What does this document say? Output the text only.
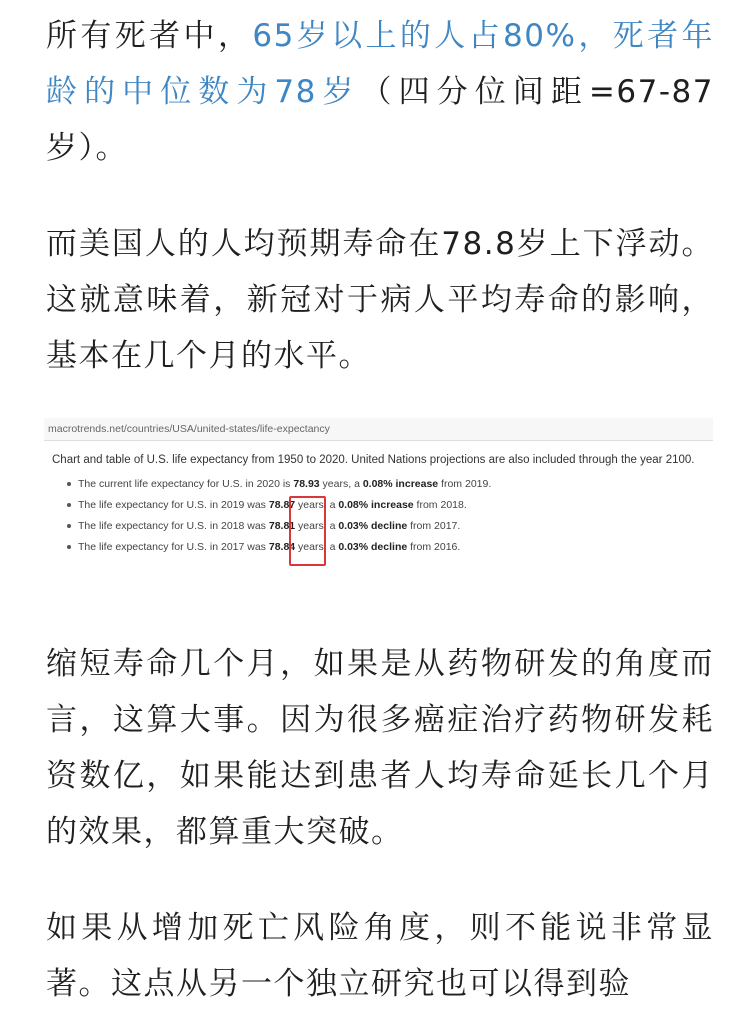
所有死者中，65岁以上的人占80%，死者年龄的中位数为78岁（四分位间距=67-87岁）。

而美国人的人均预期寿命在78.8岁上下浮动。这就意味着，新冠对于病人平均寿命的影响，基本在几个月的水平。

macrotrends.net/countries/USA/united-states/life-expectancy
Chart and table of U.S. life expectancy from 1950 to 2020. United Nations projections are also included through the year 2100.
The current life expectancy for U.S. in 2020 is 78.93 years, a 0.08% increase from 2019.
The life expectancy for U.S. in 2019 was 78.87 years, a 0.08% increase from 2018.
The life expectancy for U.S. in 2018 was 78.81 years, a 0.03% decline from 2017.
The life expectancy for U.S. in 2017 was 78.84 years, a 0.03% decline from 2016.

缩短寿命几个月，如果是从药物研发的角度而言，这算大事。因为很多癌症治疗药物研发耗资数亿，如果能达到患者人均寿命延长几个月的效果，都算重大突破。

如果从增加死亡风险角度，则不能说非常显著。这点从另一个独立研究也可以得到验
